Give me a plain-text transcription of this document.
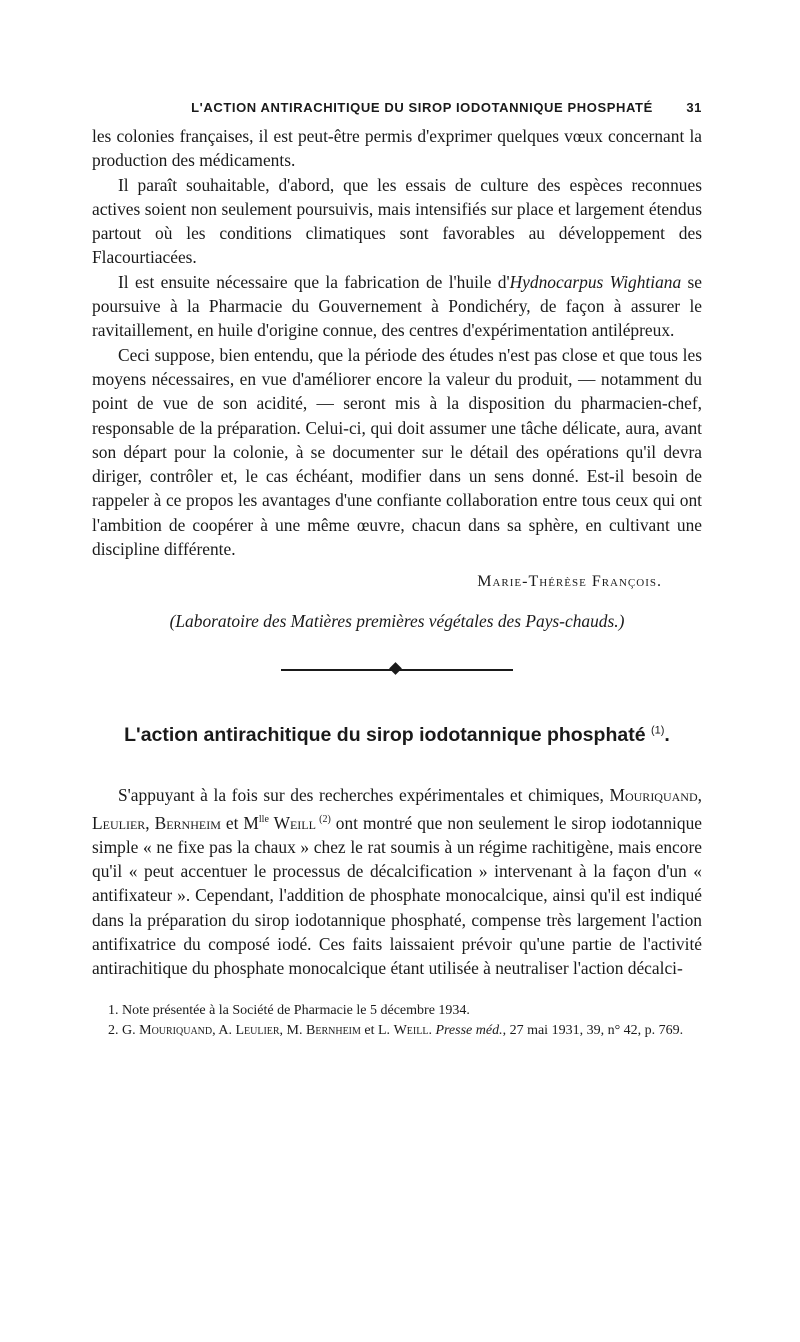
L'ACTION ANTIRACHITIQUE DU SIROP IODOTANNIQUE PHOSPHATÉ	31

les colonies françaises, il est peut-être permis d'exprimer quelques vœux concernant la production des médicaments.

Il paraît souhaitable, d'abord, que les essais de culture des espèces reconnues actives soient non seulement poursuivis, mais intensifiés sur place et largement étendus partout où les conditions climatiques sont favorables au développement des Flacourtiacées.

Il est ensuite nécessaire que la fabrication de l'huile d'Hydnocarpus Wightiana se poursuive à la Pharmacie du Gouvernement à Pondichéry, de façon à assurer le ravitaillement, en huile d'origine connue, des centres d'expérimentation antilépreux.

Ceci suppose, bien entendu, que la période des études n'est pas close et que tous les moyens nécessaires, en vue d'améliorer encore la valeur du produit, — notamment du point de vue de son acidité, — seront mis à la disposition du pharmacien-chef, responsable de la préparation. Celui-ci, qui doit assumer une tâche délicate, aura, avant son départ pour la colonie, à se documenter sur le détail des opérations qu'il devra diriger, contrôler et, le cas échéant, modifier dans un sens donné. Est-il besoin de rappeler à ce propos les avantages d'une confiante collaboration entre tous ceux qui ont l'ambition de coopérer à une même œuvre, chacun dans sa sphère, en cultivant une discipline différente.

Marie-Thérèse François.
(Laboratoire des Matières premières végétales des Pays-chauds.)
L'action antirachitique du sirop iodotannique phosphaté $^{(1)}$.

S'appuyant à la fois sur des recherches expérimentales et chimiques, Mouriquand, Leulier, Bernheim et $M^{lle}$ Weill $^{(2)}$ ont montré que non seulement le sirop iodotannique simple « ne fixe pas la chaux » chez le rat soumis à un régime rachitigène, mais encore qu'il « peut accentuer le processus de décalcification » intervenant à la façon d'un « antifixateur ». Cependant, l'addition de phosphate monocalcique, ainsi qu'il est indiqué dans la préparation du sirop iodotannique phosphaté, compense très largement l'action antifixatrice du composé iodé. Ces faits laissaient prévoir qu'une partie de l'activité antirachitique du phosphate monocalcique étant utilisée à neutraliser l'action décalci-

1. Note présentée à la Société de Pharmacie le 5 décembre 1934.

2. G. Mouriquand, A. Leulier, M. Bernheim et L. Weill. Presse méd., 27 mai 1931, 39, n° 42, p. 769.
